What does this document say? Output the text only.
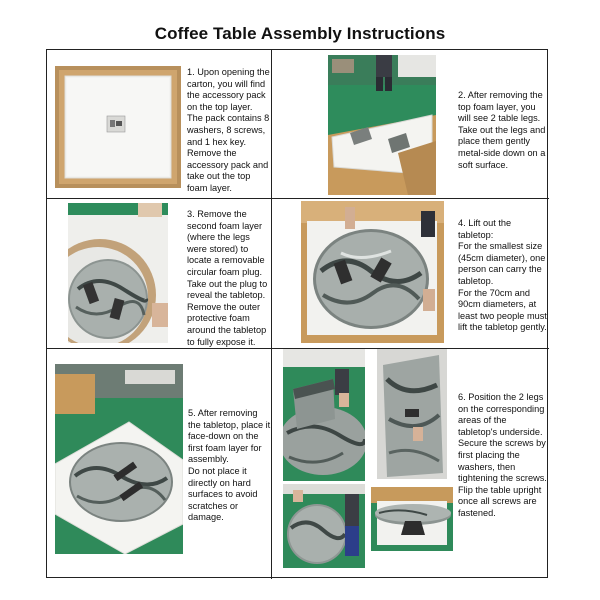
Coffee Table Assembly Instructions
1. Upon opening the
carton, you will find
the accessory pack
on the top layer.
The pack contains 8
washers, 8 screws,
and 1 hex key.
Remove the
accessory pack and
take out the top
foam layer.
2. After removing the
top foam layer, you
will see 2 table legs.
Take out the legs and
place them gently
metal-side down on a
soft surface.
3. Remove the
second foam layer
(where the legs
were stored) to
locate a removable
circular foam plug.
Take out the plug to
reveal the tabletop.
Remove the outer
protective foam
around the tabletop
to fully expose it.
4. Lift out the
tabletop:
For the smallest size
(45cm diameter), one
person can carry the
tabletop.
For the 70cm and
90cm diameters, at
least two people must
lift the tabletop gently.
5. After removing
the tabletop, place it
face-down on the
first foam layer for
assembly.
Do not place it
directly on hard
surfaces to avoid
scratches or
damage.
6. Position the 2 legs
on the corresponding
areas of the
tabletop's underside.
Secure the screws by
first placing the
washers, then
tightening the screws.
Flip the table upright
once all screws are
fastened.
